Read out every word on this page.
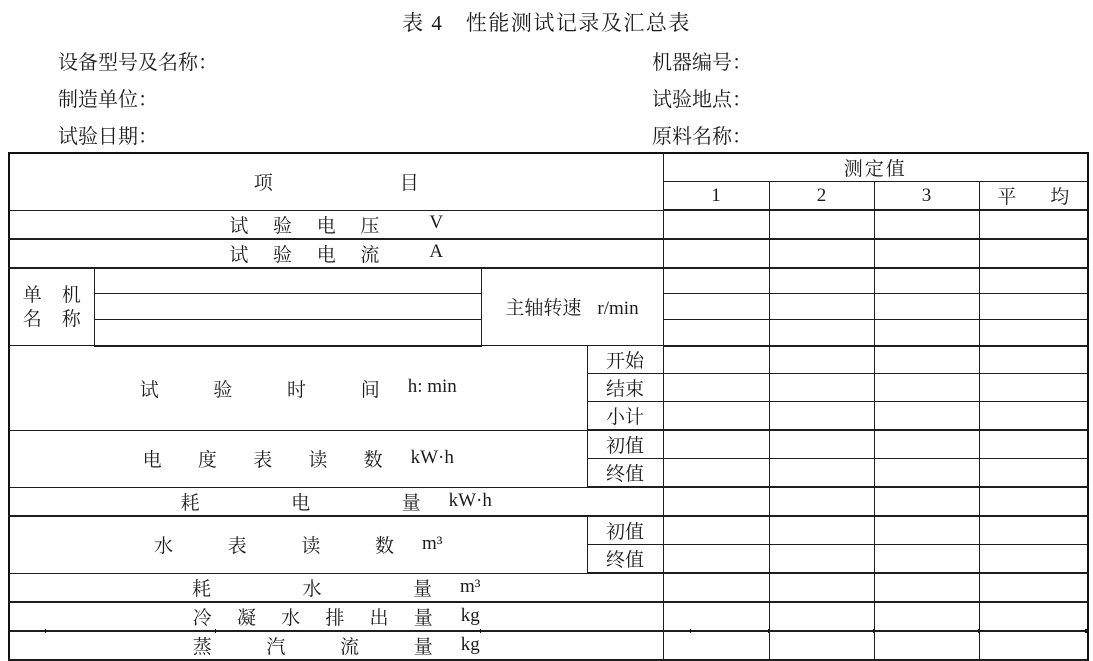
表 4　性能测试记录及汇总表
设备型号及名称：
制造单位：
试验日期：
机器编号：
试验地点：
原料名称：
项 目				测定值			
				1	2	3	平 均
试 验 电 压 V							
试 验 电 流 A							

单 机
名 称		主轴转速 r/min					

试 验 时 间 h: min			开始				
			结束				
			小计				
电 度 表 读 数 kW·h			初值				
			终值				
耗 电 量 kW·h							
水 表 读 数 m³			初值				
			终值				
耗 水 量 m³							
冷 凝 水 排 出 量 kg							
蒸 汽 流 量 kg							
